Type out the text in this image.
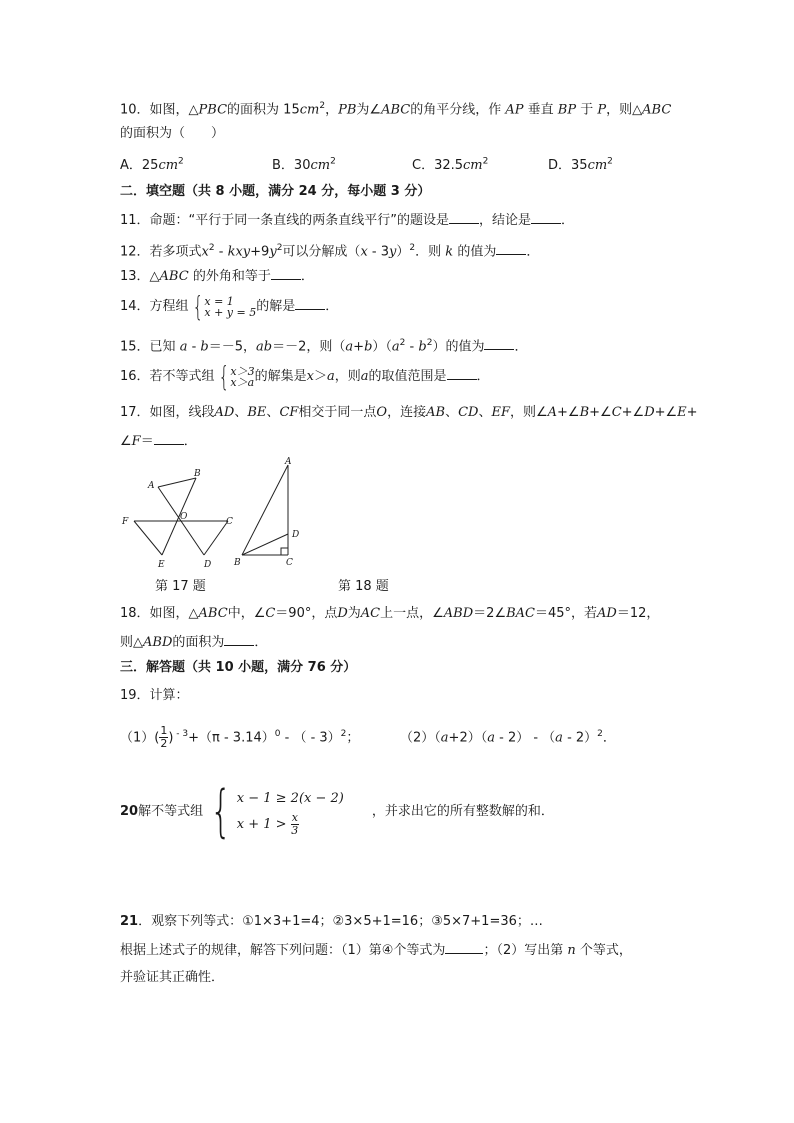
10．如图，△PBC的面积为 $15cm^2$，PB为∠ABC的角平分线，作 AP 垂直 BP 于 P，则△ABC
的面积为（　　）
A．$25cm^2$	B．$30cm^2$	C．$32.5cm^2$	D．$35cm^2$
二．填空题（共 8 小题，满分 24 分，每小题 3 分）
11．命题：“平行于同一条直线的两条直线平行”的题设是 ，结论是 ．
12．若多项式$x^2 - kxy+9y^2$可以分解成（x - 3y）$^2$．则 k 的值为 ．
13．△ABC 的外角和等于 ．
14．方程组 { x = 1
x + y = 5的解是 ．
15．已知 a - b＝－5，ab＝－2，则$(a+b)(a^2 - b^2)$的值为 ．
16．若不等式组 { x＞3
x＞a的解集是x＞a，则a的取值范围是 ．
17．如图，线段AD、BE、CF相交于同一点O，连接AB、CD、EF，则∠A+∠B+∠C+∠D+∠E+
∠F＝ ．
A
B
O
F	C
E	D
A
D
B	C
第 17 题	第 18 题
18．如图，△ABC中，∠C＝90°，点D为AC上一点，∠ABD＝2∠BAC＝45°，若AD＝12，
则△ABD的面积为 ．
三．解答题（共 10 小题，满分 76 分）
19．计算：
$(1)( \frac{1}{2}$ ) $^{- 3}$+（π - 3.14）$^0$ - （ - 3）$^2$；	（2）（a+2）（a - 2） - （a - 2）$^2$．
20解不等式组 { x − 1 ≥ 2(x − 2)
$x + 1 > \frac{x}{3}$
，并求出它的所有整数解的和．
21．观察下列等式：①1×3+1=4；②3×5+1=16；③5×7+1=36；…
根据上述式子的规律，解答下列问题：（1）第④个等式为	；（2）写出第 n 个等式，
并验证其正确性．
